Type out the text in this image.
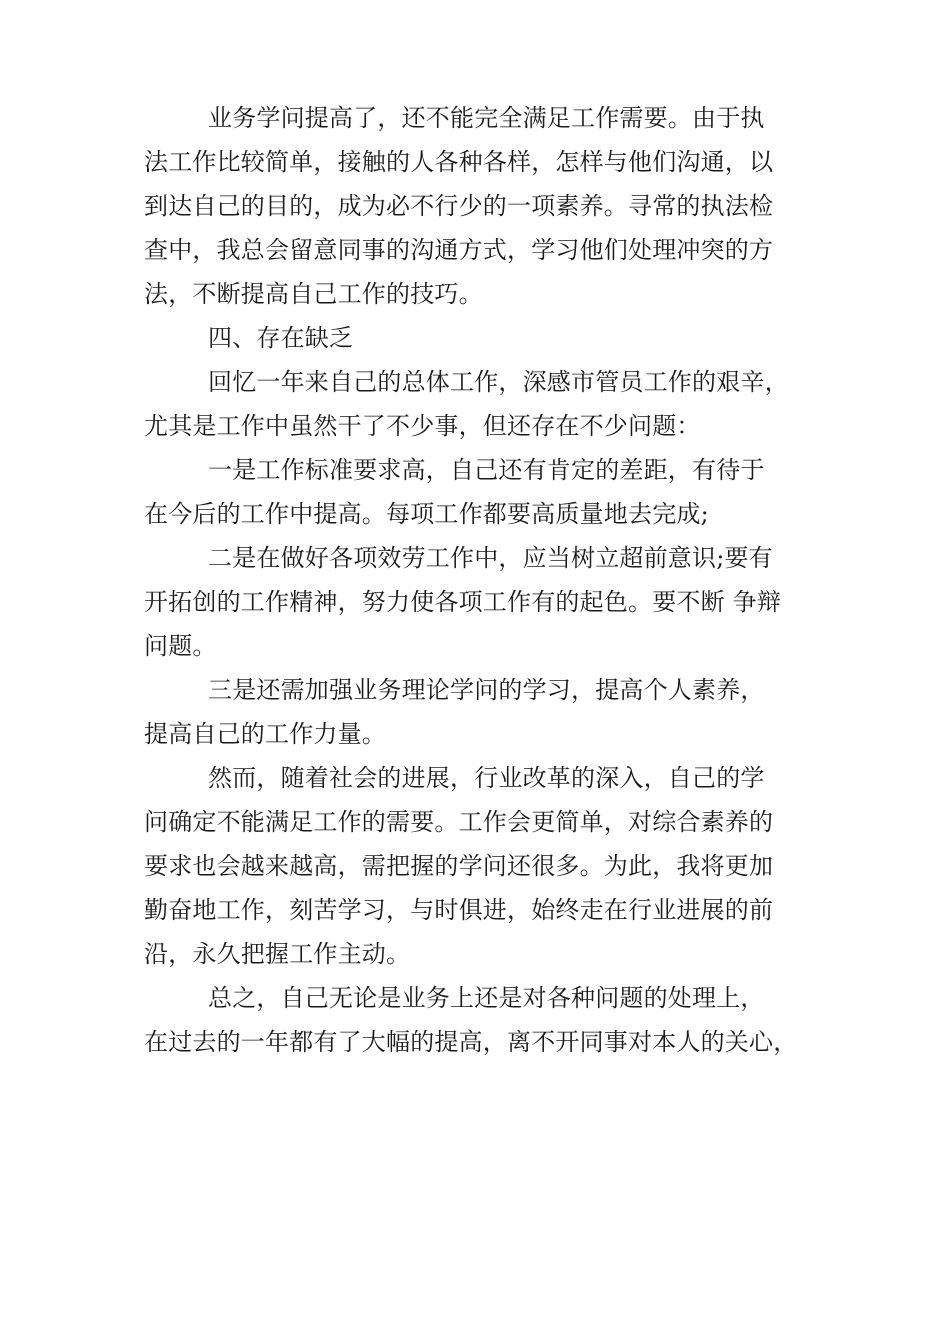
业务学问提高了，还不能完全满足工作需要。由于执
法工作比较简单，接触的人各种各样，怎样与他们沟通，以
到达自己的目的，成为必不行少的一项素养。寻常的执法检
查中，我总会留意同事的沟通方式，学习他们处理冲突的方
法，不断提高自己工作的技巧。
四、存在缺乏
回忆一年来自己的总体工作，深感市管员工作的艰辛，
尤其是工作中虽然干了不少事，但还存在不少问题：
一是工作标准要求高，自己还有肯定的差距，有待于
在今后的工作中提高。每项工作都要高质量地去完成;
二是在做好各项效劳工作中，应当树立超前意识;要有
开拓创的工作精神，努力使各项工作有的起色。要不断 争辩
问题。
三是还需加强业务理论学问的学习，提高个人素养，
提高自己的工作力量。
然而，随着社会的进展，行业改革的深入，自己的学
问确定不能满足工作的需要。工作会更简单，对综合素养的
要求也会越来越高，需把握的学问还很多。为此，我将更加
勤奋地工作，刻苦学习，与时俱进，始终走在行业进展的前
沿，永久把握工作主动。
总之，自己无论是业务上还是对各种问题的处理上，
在过去的一年都有了大幅的提高，离不开同事对本人的关心，
